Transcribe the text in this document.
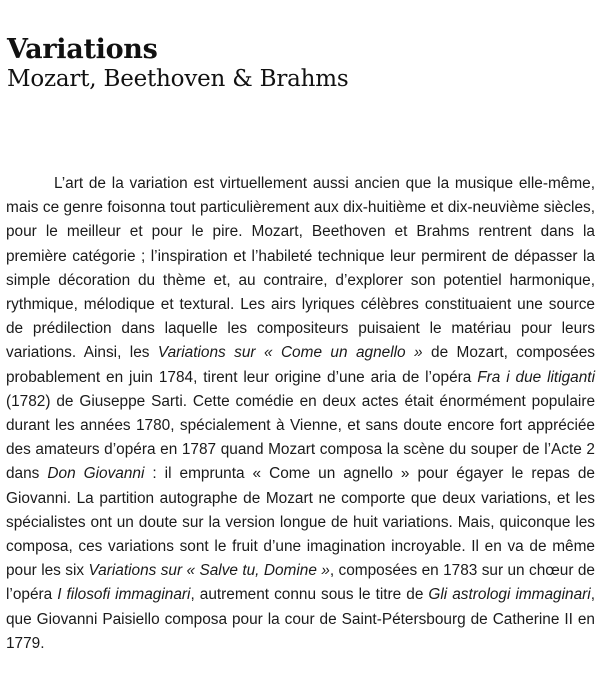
Variations
Mozart, Beethoven & Brahms

L’art de la variation est virtuellement aussi ancien que la musique elle-même, mais ce genre foisonna tout particulièrement aux dix-huitième et dix-neuvième siècles, pour le meilleur et pour le pire. Mozart, Beethoven et Brahms rentrent dans la première catégorie ; l’inspiration et l’habileté technique leur permirent de dépasser la simple décoration du thème et, au contraire, d’explorer son potentiel harmonique, rythmique, mélodique et textural. Les airs lyriques célèbres constituaient une source de prédilection dans laquelle les compositeurs puisaient le matériau pour leurs variations. Ainsi, les Variations sur « Come un agnello » de Mozart, composées probablement en juin 1784, tirent leur origine d’une aria de l’opéra Fra i due litiganti (1782) de Giuseppe Sarti. Cette comédie en deux actes était énormément populaire durant les années 1780, spécialement à Vienne, et sans doute encore fort appréciée des amateurs d’opéra en 1787 quand Mozart composa la scène du souper de l’Acte 2 dans Don Giovanni : il emprunta « Come un agnello » pour égayer le repas de Giovanni. La partition autographe de Mozart ne comporte que deux variations, et les spécialistes ont un doute sur la version longue de huit variations. Mais, quiconque les composa, ces variations sont le fruit d’une imagination incroyable. Il en va de même pour les six Variations sur « Salve tu, Domine », composées en 1783 sur un chœur de l’opéra I filosofi immaginari, autrement connu sous le titre de Gli astrologi immaginari, que Giovanni Paisiello composa pour la cour de Saint-Pétersbourg de Catherine II en 1779.
